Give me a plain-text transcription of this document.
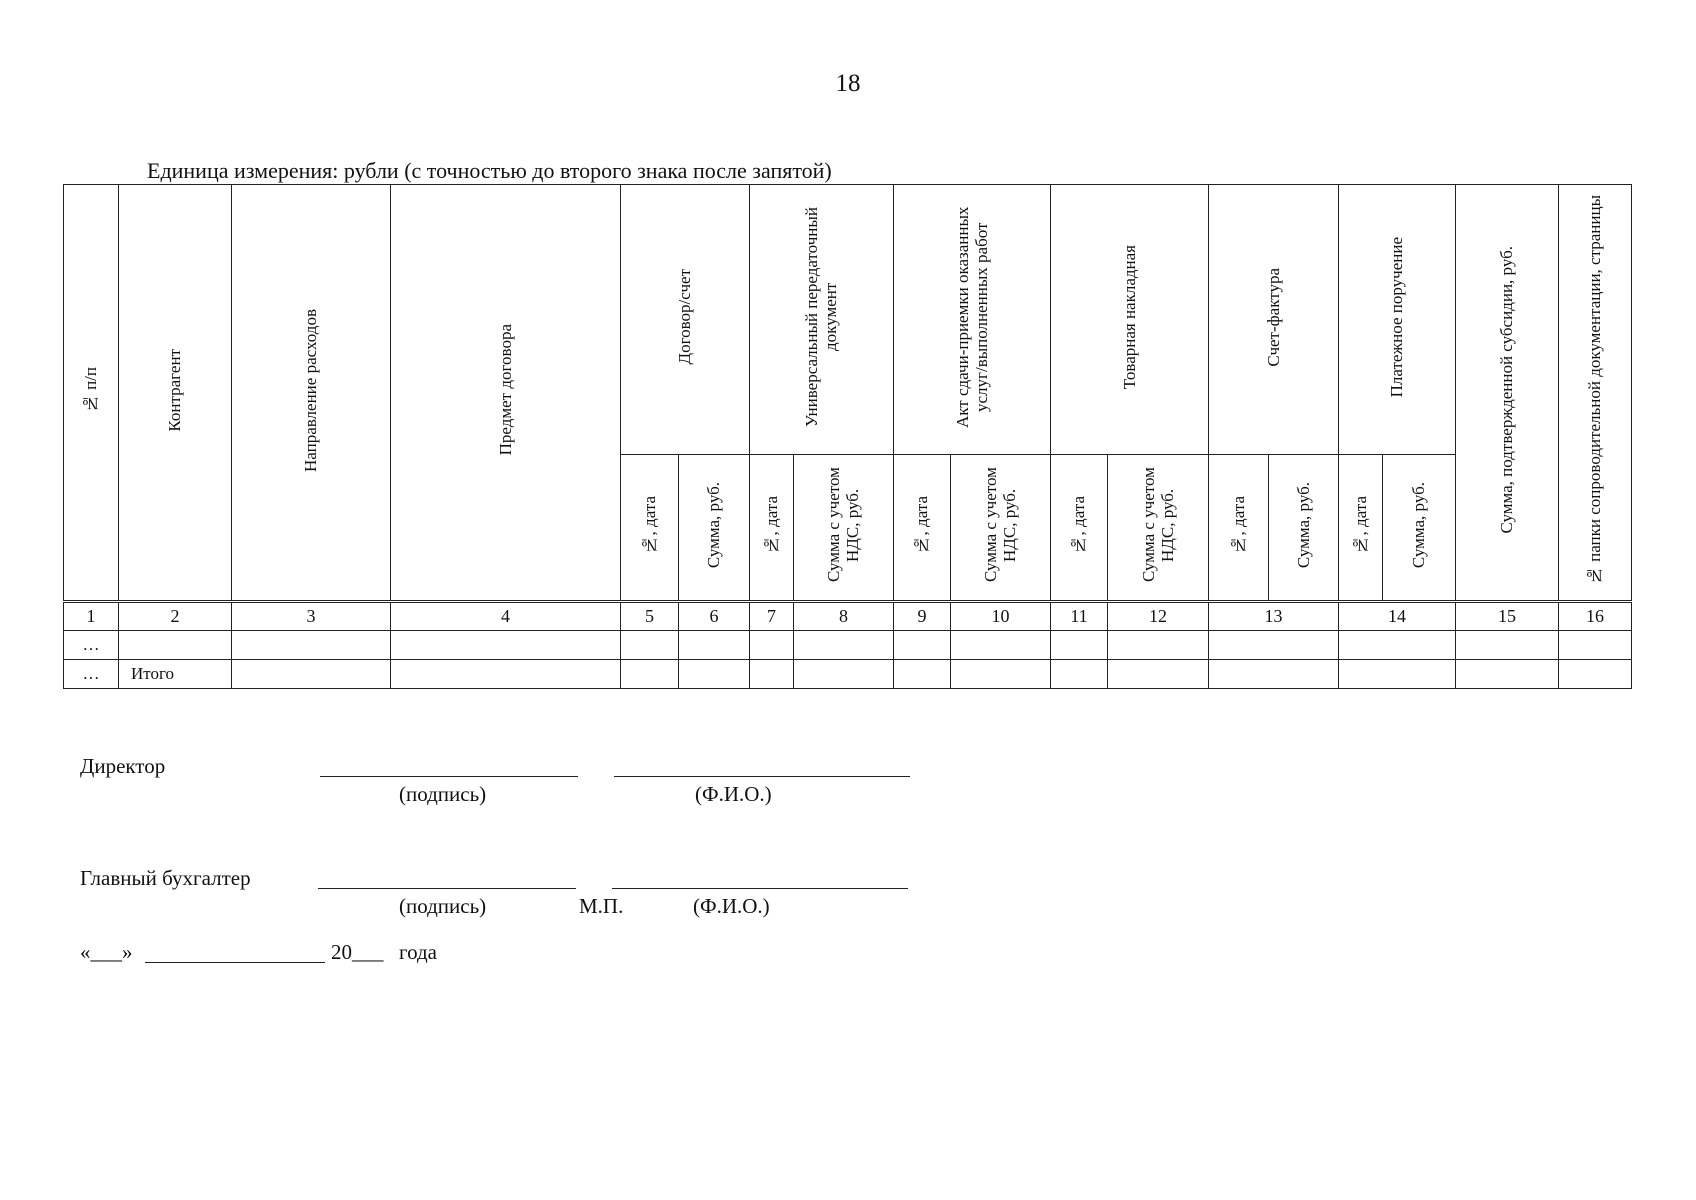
18
Единица измерения: рубли (с точностью до второго знака после запятой)
№ п/п	Контрагент	Направление расходов	Предмет договора	Договор/счет		Универсальный передаточный документ		Акт сдачи-приемки оказанных услуг/выполненных работ		Товарная накладная		Счет-фактура		Платежное поручение		Сумма, подтвержденной субсидии, руб.	№ папки сопроводительной документации, страницы
				№, дата	Сумма, руб.	№, дата	Сумма с учетом НДС, руб.	№, дата	Сумма с учетом НДС, руб.	№, дата	Сумма с учетом НДС, руб.	№, дата	Сумма, руб.	№, дата	Сумма, руб.		
1	2	3	4	5	6	7	8	9	10	11	12	13		14		15	16
…																	
…	Итого																
Директор
(подпись)	(Ф.И.О.)
Главный бухгалтер
(подпись)	М.П.	(Ф.И.О.)
«___»	20___ года
